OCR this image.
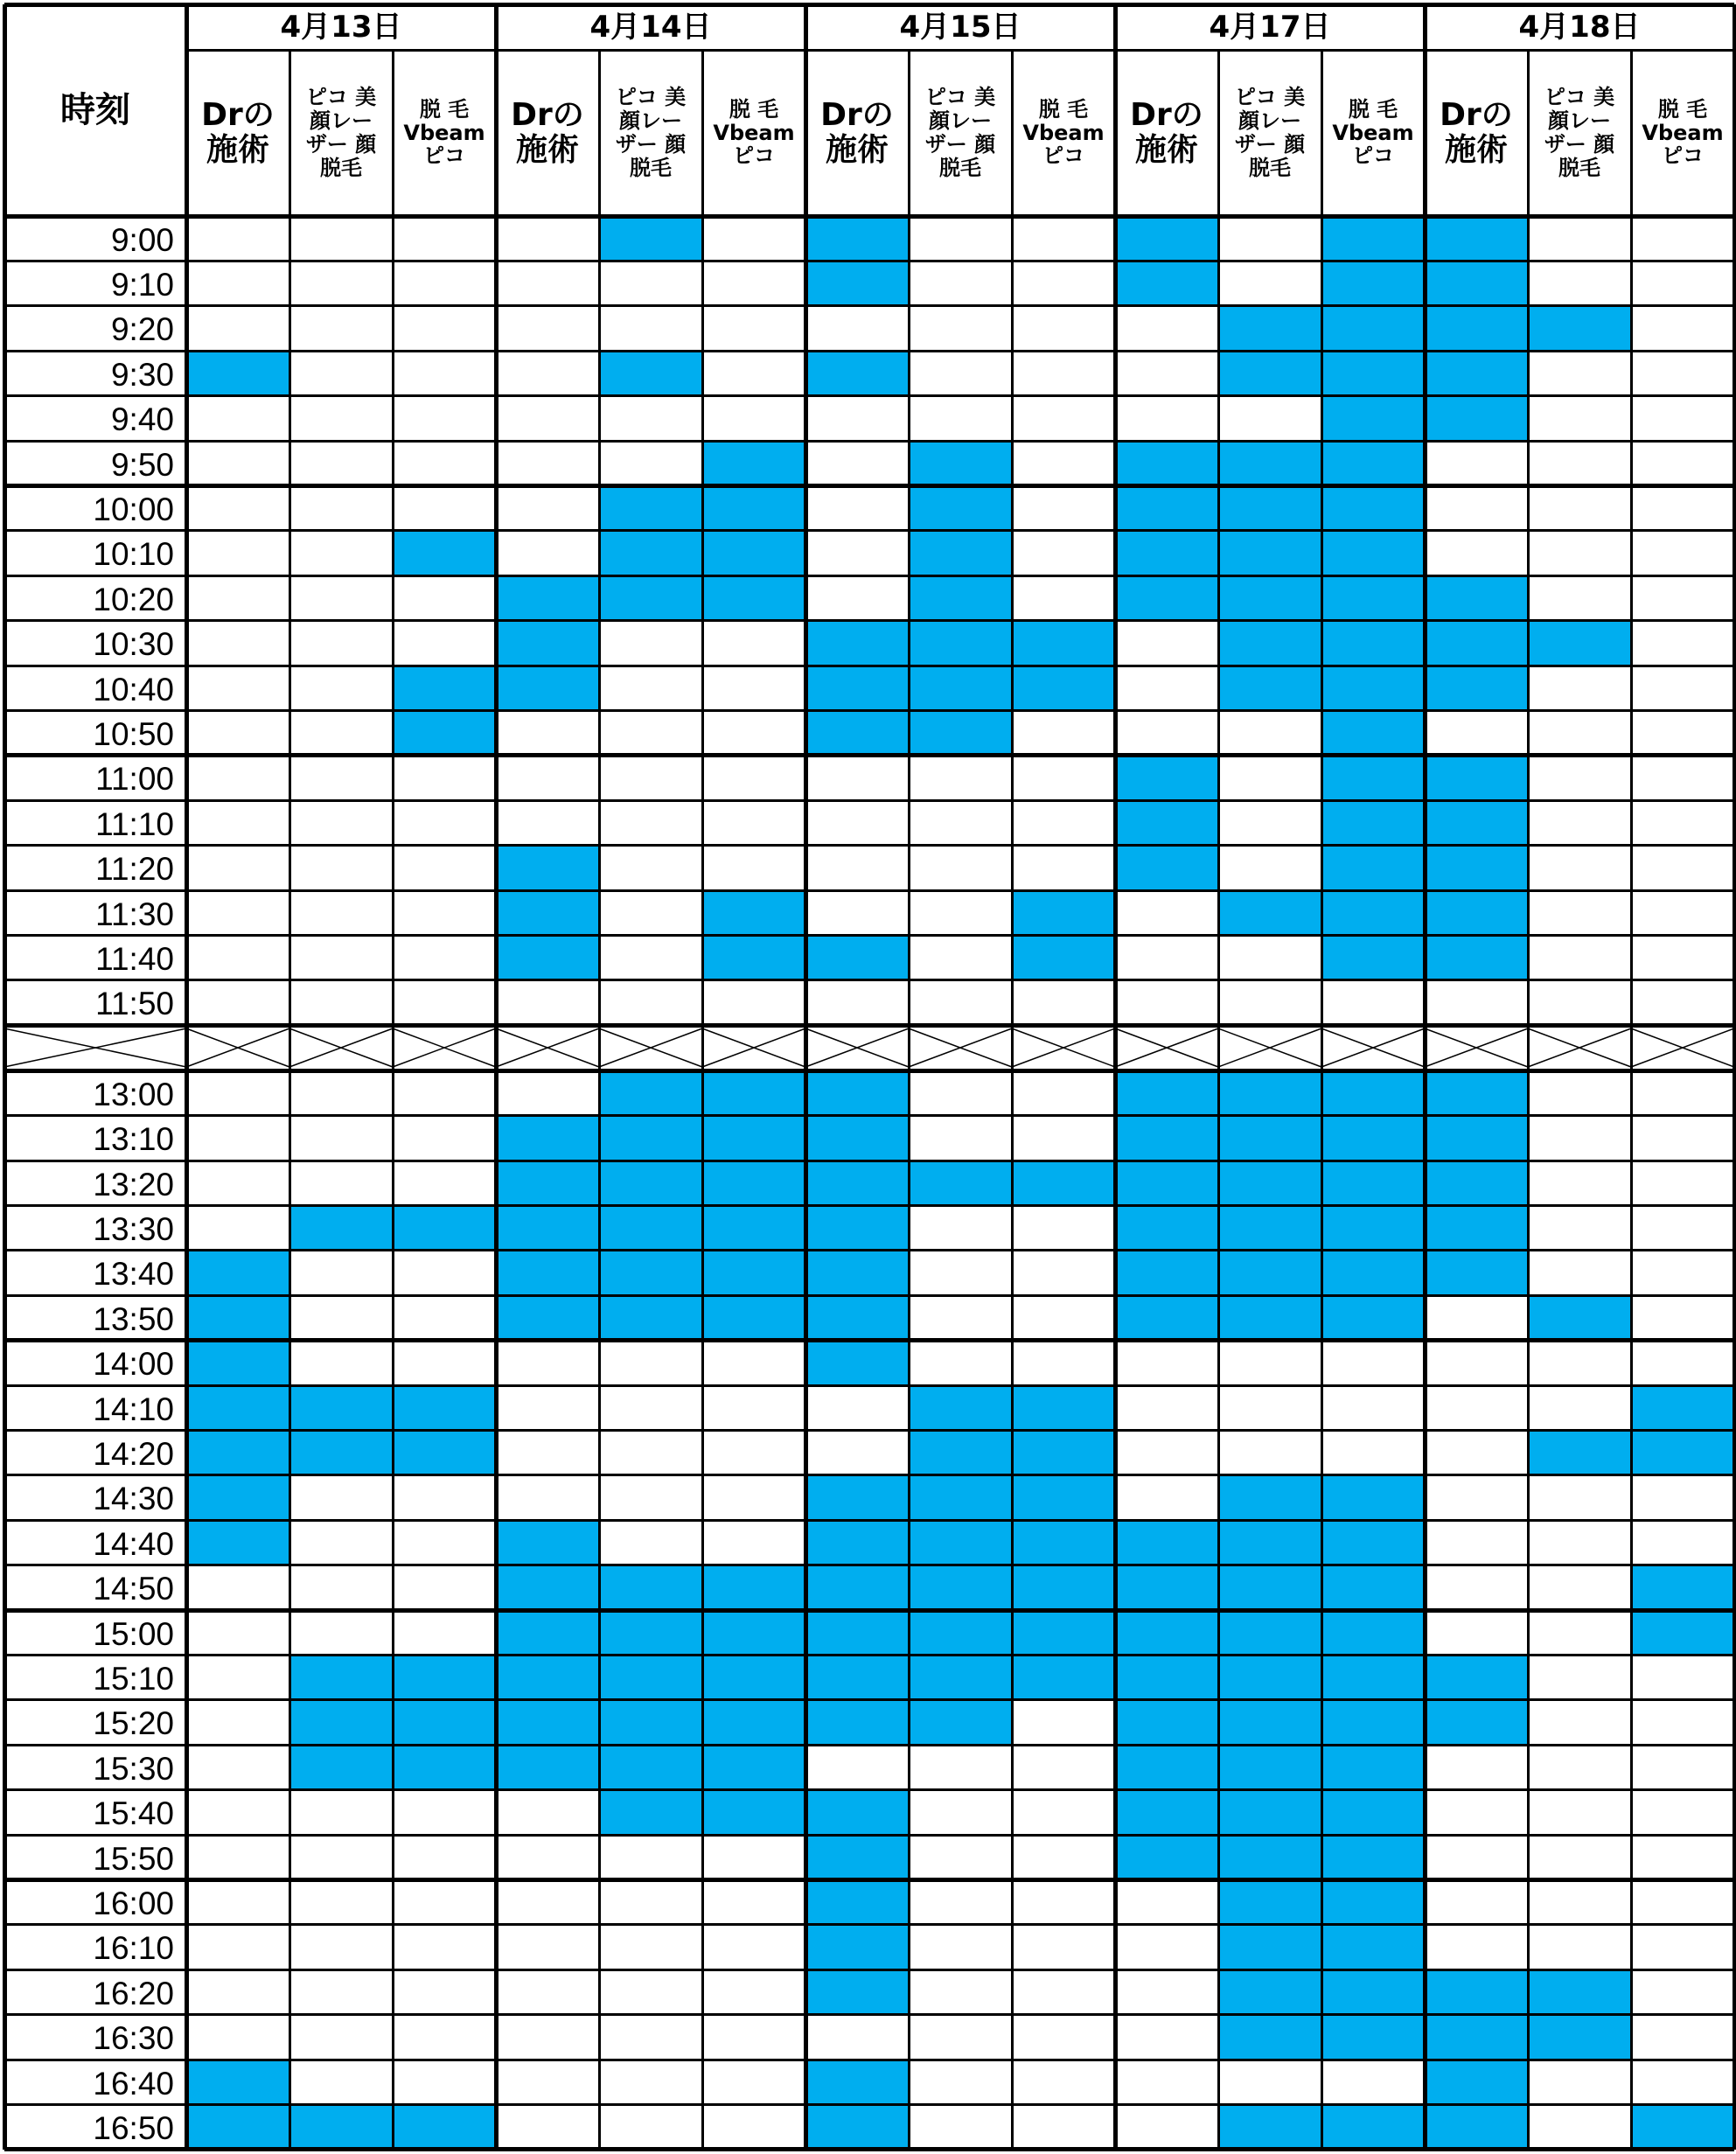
9:00
9:10
9:20
9:30
9:40
9:50
10:00
10:10
10:20
10:30
10:40
10:50
11:00
11:10
11:20
11:30
11:40
11:50
13:00
13:10
13:20
13:30
13:40
13:50
14:00
14:10
14:20
14:30
14:40
14:50
15:00
15:10
15:20
15:30
15:40
15:50
16:00
16:10
16:20
16:30
16:40
16:50
時刻
4月13日
Drの
施術
ピコ 美
顔レー
ザー 顔
脱毛
脱 毛
Vbeam
ピコ
4月14日
Drの
施術
ピコ 美
顔レー
ザー 顔
脱毛
脱 毛
Vbeam
ピコ
4月15日
Drの
施術
ピコ 美
顔レー
ザー 顔
脱毛
脱 毛
Vbeam
ピコ
4月17日
Drの
施術
ピコ 美
顔レー
ザー 顔
脱毛
脱 毛
Vbeam
ピコ
4月18日
Drの
施術
ピコ 美
顔レー
ザー 顔
脱毛
脱 毛
Vbeam
ピコ
